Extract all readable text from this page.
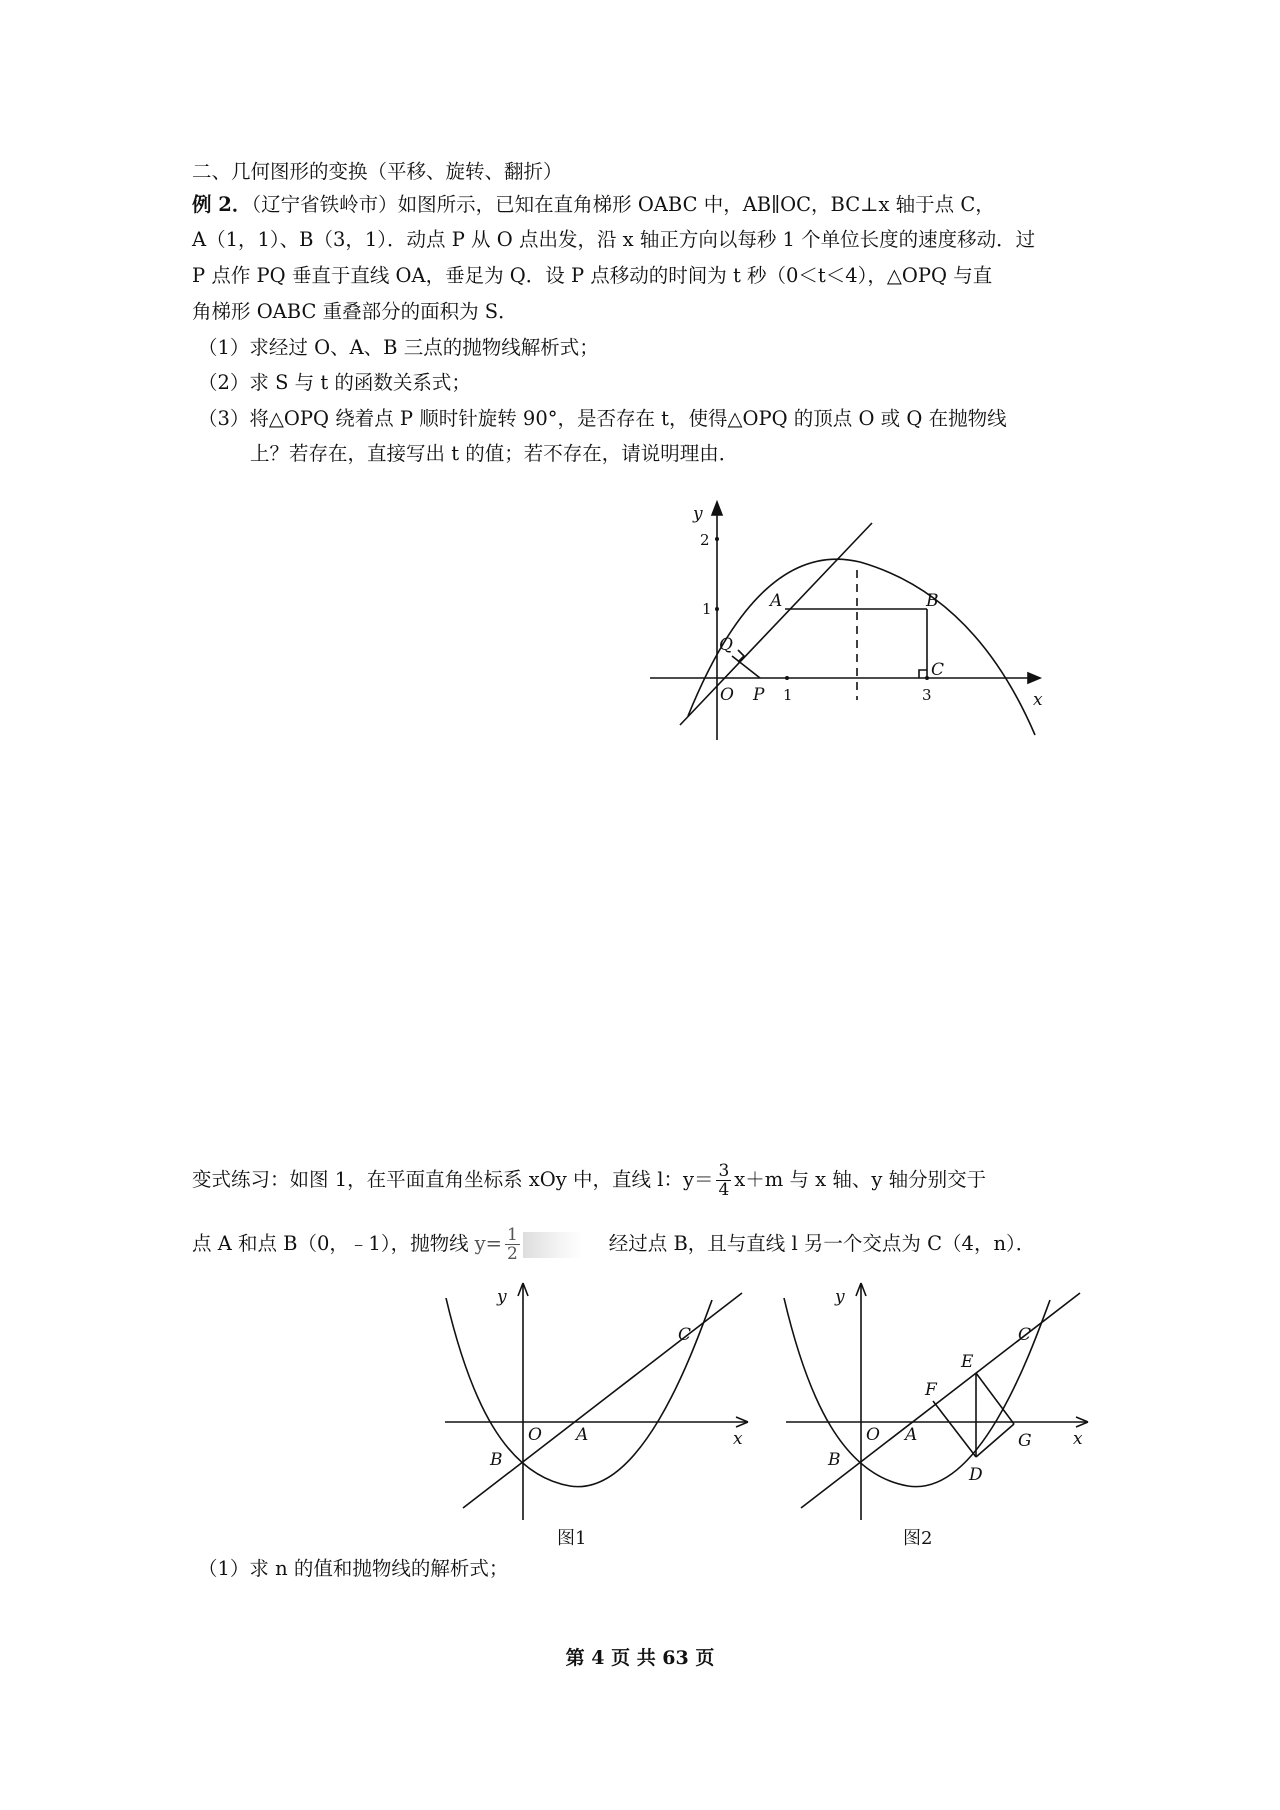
二、几何图形的变换（平移、旋转、翻折）
例 2．（辽宁省铁岭市）如图所示，已知在直角梯形 OABC 中，AB∥OC，BC⊥x 轴于点 C，
A（1，1）、B（3，1）．动点 P 从 O 点出发，沿 x 轴正方向以每秒 1 个单位长度的速度移动．过
P 点作 PQ 垂直于直线 OA，垂足为 Q．设 P 点移动的时间为 t 秒（0＜t＜4），△OPQ 与直
角梯形 OABC 重叠部分的面积为 S．
（1）求经过 O、A、B 三点的抛物线解析式；
（2）求 S 与 t 的函数关系式；
（3）将△OPQ 绕着点 P 顺时针旋转 90°，是否存在 t，使得△OPQ 的顶点 O 或 Q 在抛物线
上？若存在，直接写出 t 的值；若不存在，请说明理由．
y
x
A	B
Q
C
O P
2
1
1	3
变式练习：如图 1，在平面直角坐标系 xOy 中，直线 l：$y= \frac{3}{4} x+m$ 与 x 轴、y 轴分别交于
点 A 和点 B（0，﹣1），抛物线 $y= \frac{1}{2}$	经过点 B，且与直线 l 另一个交点为 C（4，n）．
y
x
O A
B
C
图1
y
x
O A
B
C
E
F
G
D
图2
（1）求 n 的值和抛物线的解析式；
第 4 页 共 63 页
